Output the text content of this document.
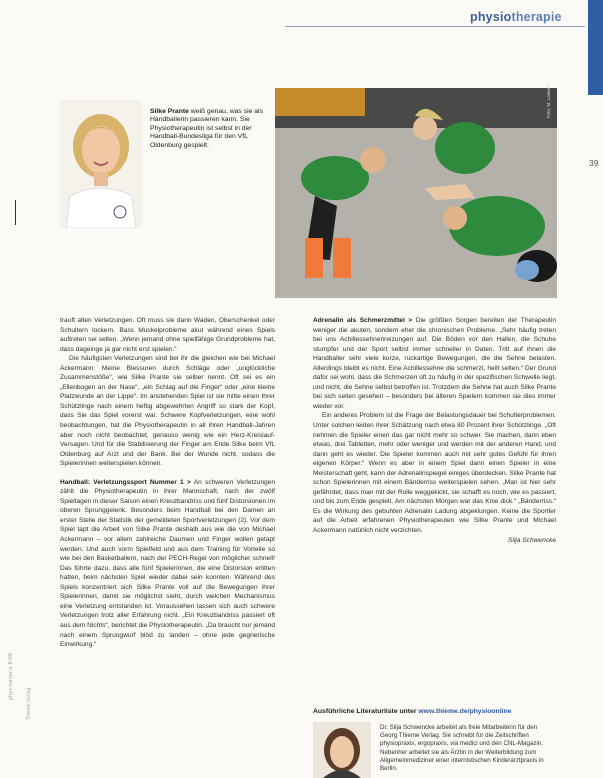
physiotherapie
39
Silke Prante weiß genau, was sie als Handballerin passieren kann. Sie Physiotherapeutin ist selbst in der Handball-Bundesliga für den VfL Oldenburg gespielt.
Foto: M. Lammert

trauft alten Verletzungen. Oft muss sie dann Waden, Oberschenkel oder Schultern lockern. Bass Muskelprobleme akut während eines Spiels auftreten sei selten. „Wenn jemand ohne spielfähige Grundprobleme hat, dass dageinge ja gar nicht erst spielen.“

Die häufigsten Verletzungen sind bei ihr die gleichen wie bei Michael Ackermann: Meine Blessuren durch Schläge oder „unglückliche Zusammenstöße“, wie Silke Prante sie selber nennt. Oft sei es ein „Ellenbogen an der Nase“, „ein Schlag auf die Finger“ oder „eine kleine Platzwunde an der Lippe“. Im anstehenden Spiel ist sie mitte einen Ihrer Schützlinge nach einem heftig abgewehrten Angriff so stark der Kopf, dass Sie das Spiel vorerst war. Schwere Kopfverletzungen, eine wohl beobachtungen, hat die Physiotherapeutin in all ihren Handball-Jahren aber noch nicht beobachtet, genauso wenig wie ein Herz-Kreislauf-Versagen. Und für die Stabilisierung der Finger am Ende Silke beim VfL Oldenburg auf Arzt und der Bank. Bei der Wunde nicht, sodass die Spielerinnen weiterspielen können.

Handball: Verletzungssport Nummer 1 > An schweren Verletzungen zählt die Physiotherapeutin in ihrer Mannschaft, nach der zwölf Spieltagen in dieser Saison einen Kreuzbandriss und fünf Distorsionen im oberen Sprunggelenk. Besonders beim Handball bei den Damen an erster Stelle der Statistik der gemeldeten Sportverletzungen (2). Vor dem Spiel tapt die Arbeit von Silke Prante deshalb aus wie die von Michael Ackermann – vor allem zahlreiche Daumen und Finger wollen getapt werden. Und auch vorm Spielfeld und aus dem Training für Vorteile so wie bei den Basketballern, nach der PECH-Regel von möglicher schnell! Das führte dazu, dass alle fünf Spielerinnen, die eine Distorsion erlitten hatten, beim nächsten Spiel wieder dabei sein konnten. Während des Spiels konzentriert sich Silke Prante voll auf die Bewegungen ihrer Spielerinnen, damit sie möglichst sieht, durch welchen Mechanismus eine Verletzung entstanden ist. Voraussehen lassen sich auch schwere Verletzungen trotz aller Erfahrung nicht. „Ein Kreuzbandriss passiert oft aus dem Nichts“, berichtet die Physiotherapeutin. „Da braucht nur jemand nach einem Sprungwurf blöd zu landen – ohne jede gegnerische Einwirkung.“

Adrenalin als Schmerzmittel > Die größten Sorgen bereiten der Therapeutin weniger die akuten, sondern eher die chronischen Probleme. „Sehr häufig treten bei uns Achillessehnenreizungen auf. Die Böden vor den Hallen, die Schuhe stumpfer und der Sport selbst immer schneller in Daten. Tritt auf ihnen die Handballer sehr viele kurze, ruckartige Bewegungen, die die Sehne belasten. Allerdings bleibt es nicht. Eine Achillessehne die schmerzt, heilt selten.“ Der Grund dafür sei wohl, dass die Schmerzen oft zu häufig in der spezifischen Schwelle liegt, und nicht, die Sehne selbst betroffen ist. Trotzdem die Sehne hat auch Silke Prante bei sich selten gesehen – besonders bei älteren Spielern kommen sie dies immer wieder vor.

Ein anderes Problem ist die Frage der Belastungsdauer bei Schulterproblemen. Unter solchen leiden ihrer Schätzung nach etwa 80 Prozent ihrer Schützlinge. „Oft nehmen die Spieler einen das gar nicht mehr so schwer. Sie machen, dann eben etwas, drei Tabletten, mehr oder weniger und werden mit der anderen Hand, und dann geht es wieder. Die Spieler kommen auch mit sehr gutes Gefühl für ihren eigenen Körper.“ Wenn es aber in einem Spiel dann einen Spieler in eine Meisterschaft geht, kann der Adrenalinspiegel einiges überdecken. Silke Prante hat schon Spielerinnen mit einem Bänderriss weiterspielen sehen. „Man ist hier sehr gefährdet, dass man mit der Rolle weggekickt, sie schafft es noch, wie es passiert, und bis zum Ende gespielt. Am nächsten Morgen war das Knie dick.“ „Bänderriss.“ Es die Wirkung des gebuhten Adrenalin Ladung abgeklungen. Keine die Sportler auf die Arbeit erfahrenen Physiotherapeuten wie Silke Prante und Michael Ackermann natürlich nicht verzichten.

Silja Schwencke

Ausführliche Literaturliste unter www.thieme.de/physioonline
Dr. Silja Schwencke arbeitet als freie Mitarbeiterin für den Georg Thieme Verlag. Sie schreibt für die Zeitschriften physiopraxis, ergopraxis, via medici und den CNL-Magazin. Nebenher arbeitet sie als Ärztin in der Weiterbildung zum Allgemeinmediziner einer internistischen Kinderarztpraxis in Berlin.
physiopraxis 8/08
Thieme Verlag
